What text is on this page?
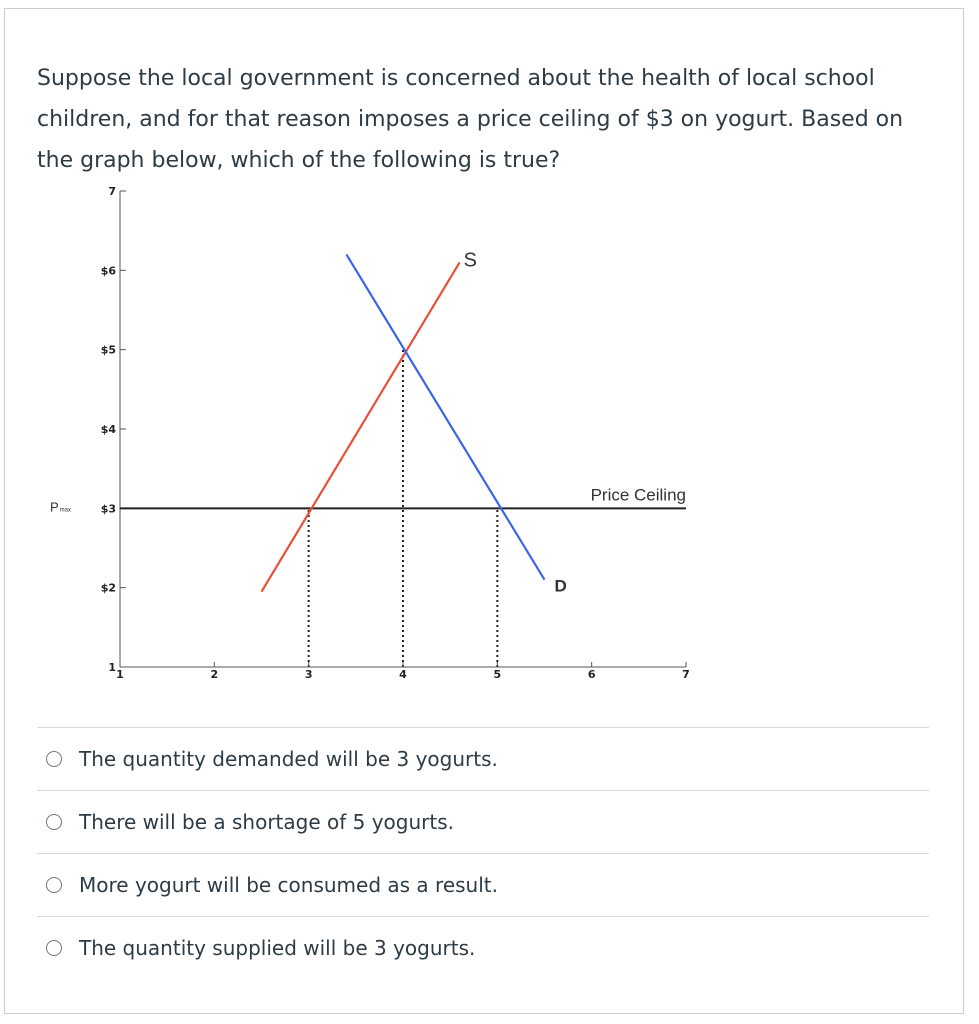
Suppose the local government is concerned about the health of local school children, and for that reason imposes a price ceiling of $3 on yogurt. Based on the graph below, which of the following is true?

1
$2
$3
$4
$5
$6
7
1	2	3	4	5	6	7
Pmax
Price Ceiling
S
D
The quantity demanded will be 3 yogurts.
There will be a shortage of 5 yogurts.
More yogurt will be consumed as a result.
The quantity supplied will be 3 yogurts.
